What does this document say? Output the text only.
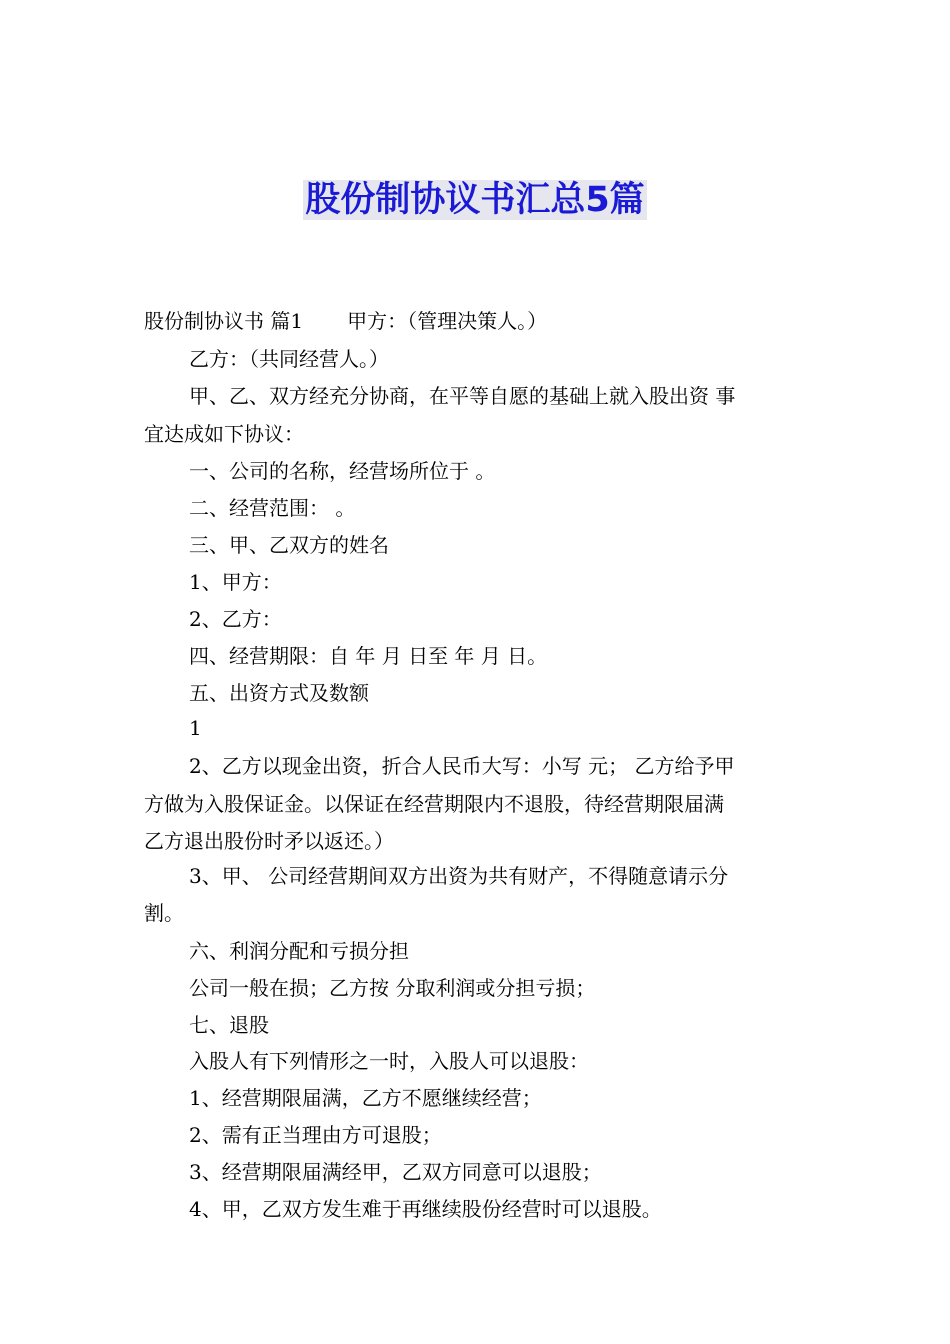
股份制协议书汇总5篇
股份制协议书 篇1 甲方：（管理决策人。）
乙方：（共同经营人。）
甲、乙、双方经充分协商，在平等自愿的基础上就入股出资 事
宜达成如下协议：
一、公司的名称，经营场所位于 。
二、经营范围： 。
三、甲、乙双方的姓名
1、甲方：
2、乙方：
四、经营期限：自 年 月 日至 年 月 日。
五、出资方式及数额
1
2、乙方以现金出资，折合人民币大写：小写 元； 乙方给予甲
方做为入股保证金。以保证在经营期限内不退股，待经营期限届满
乙方退出股份时矛以返还。）
3、甲、 公司经营期间双方出资为共有财产，不得随意请示分
割。
六、利润分配和亏损分担
公司一般在损；乙方按 分取利润或分担亏损；
七、退股
入股人有下列情形之一时，入股人可以退股：
1、经营期限届满，乙方不愿继续经营；
2、需有正当理由方可退股；
3、经营期限届满经甲，乙双方同意可以退股；
4、甲，乙双方发生难于再继续股份经营时可以退股。
